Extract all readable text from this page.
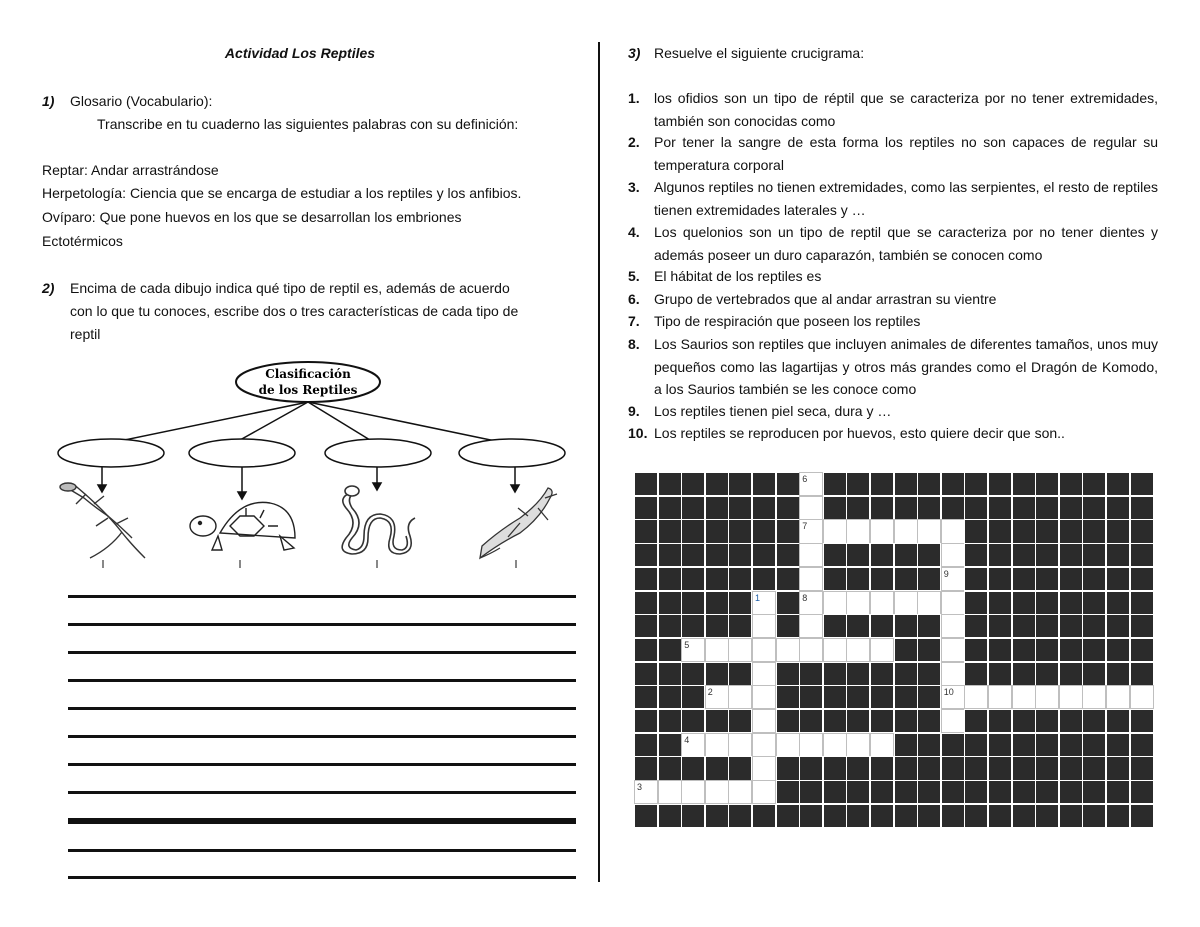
Actividad Los Reptiles
1) Glosario (Vocabulario):
Transcribe en tu cuaderno las siguientes palabras con su definición:
Reptar: Andar arrastrándose
Herpetología: Ciencia que se encarga de estudiar a los reptiles y los anfibios.
Ovíparo: Que pone huevos en los que se desarrollan los embriones
Ectotérmicos
2) Encima de cada dibujo indica qué tipo de reptil es, además de acuerdo
con lo que tu conoces, escribe dos o tres características de cada tipo de
reptil
Clasificación
de los Reptiles
3) Resuelve el siguiente crucigrama:
1. los ofidios son un tipo de réptil que se caracteriza por no tener extremidades, también son conocidas como
2. Por tener la sangre de esta forma los reptiles no son capaces de regular su temperatura corporal
3. Algunos reptiles no tienen extremidades, como las serpientes, el resto de reptiles tienen extremidades laterales y …
4. Los quelonios son un tipo de reptil que se caracteriza por no tener dientes y además poseer un duro caparazón, también se conocen como
5. El hábitat de los reptiles es
6. Grupo de vertebrados que al andar arrastran su vientre
7. Tipo de respiración que poseen los reptiles
8. Los Saurios son reptiles que incluyen animales de diferentes tamaños, unos muy pequeños como las lagartijas y otros más grandes como el Dragón de Komodo, a los Saurios también se les conoce como
9. Los reptiles tienen piel seca, dura y …
10. Los reptiles se reproducen por huevos, esto quiere decir que son..
6
7
9
1	8
5
2	10
4
3
